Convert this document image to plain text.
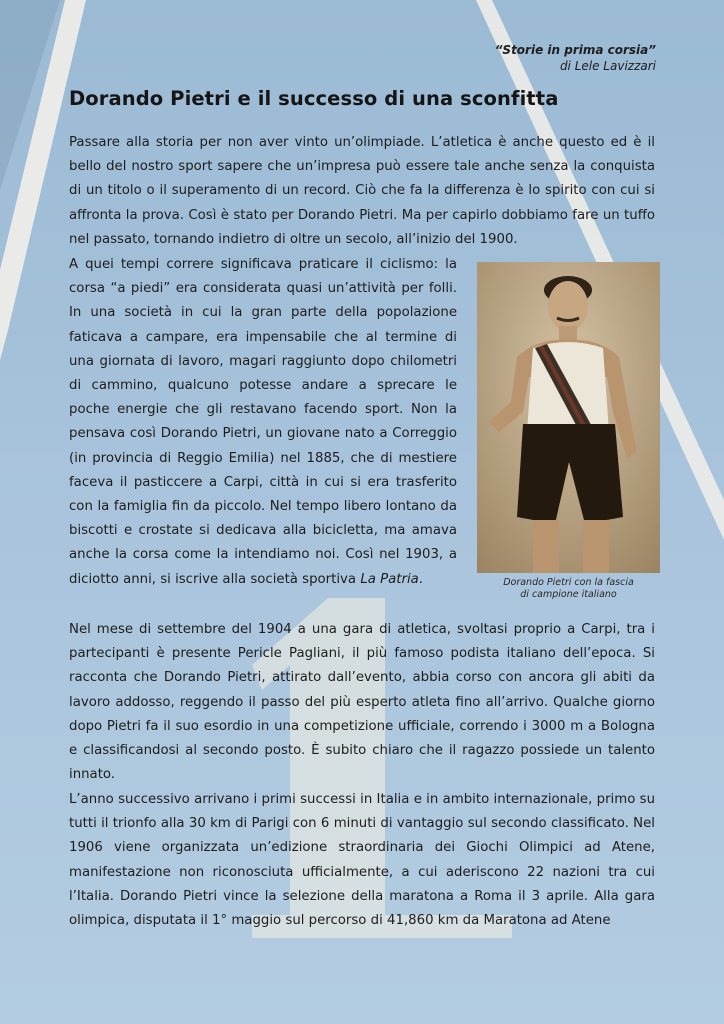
“Storie in prima corsia”
di Lele Lavizzari
Dorando Pietri e il successo di una sconfitta
Passare alla storia per non aver vinto un’olimpiade. L’atletica è anche questo ed è il bello del nostro sport sapere che un’impresa può essere tale anche senza la conquista di un titolo o il superamento di un record. Ciò che fa la differenza è lo spirito con cui si affronta la prova. Così è stato per Dorando Pietri. Ma per capirlo dobbiamo fare un tuffo nel passato, tornando indietro di oltre un secolo, all’inizio del 1900.
A quei tempi correre significava praticare il ciclismo: la corsa “a piedi” era considerata quasi un’attività per folli. In una società in cui la gran parte della popolazione faticava a campare, era impensabile che al termine di una giornata di lavoro, magari raggiunto dopo chilometri di cammino, qualcuno potesse andare a sprecare le poche energie che gli restavano facendo sport. Non la pensava così Dorando Pietri, un giovane nato a Correggio (in provincia di Reggio Emilia) nel 1885, che di mestiere faceva il pasticcere a Carpi, città in cui si era trasferito con la famiglia fin da piccolo. Nel tempo libero lontano da biscotti e crostate si dedicava alla bicicletta, ma amava anche la corsa come la intendiamo noi. Così nel 1903, a diciotto anni, si iscrive alla società sportiva La Patria.	Dorando Pietri con la fascia
di campione italiano
Nel mese di settembre del 1904 a una gara di atletica, svoltasi proprio a Carpi, tra i partecipanti è presente Pericle Pagliani, il più famoso podista italiano dell’epoca. Si racconta che Dorando Pietri, attirato dall’evento, abbia corso con ancora gli abiti da lavoro addosso, reggendo il passo del più esperto atleta fino all’arrivo. Qualche giorno dopo Pietri fa il suo esordio in una competizione ufficiale, correndo i 3000 m a Bologna e classificandosi al secondo posto. È subito chiaro che il ragazzo possiede un talento innato.
L’anno successivo arrivano i primi successi in Italia e in ambito internazionale, primo su tutti il trionfo alla 30 km di Parigi con 6 minuti di vantaggio sul secondo classificato. Nel 1906 viene organizzata un’edizione straordinaria dei Giochi Olimpici ad Atene, manifestazione non riconosciuta ufficialmente, a cui aderiscono 22 nazioni tra cui l’Italia. Dorando Pietri vince la selezione della maratona a Roma il 3 aprile. Alla gara olimpica, disputata il 1° maggio sul percorso di 41,860 km da Maratona ad Atene
